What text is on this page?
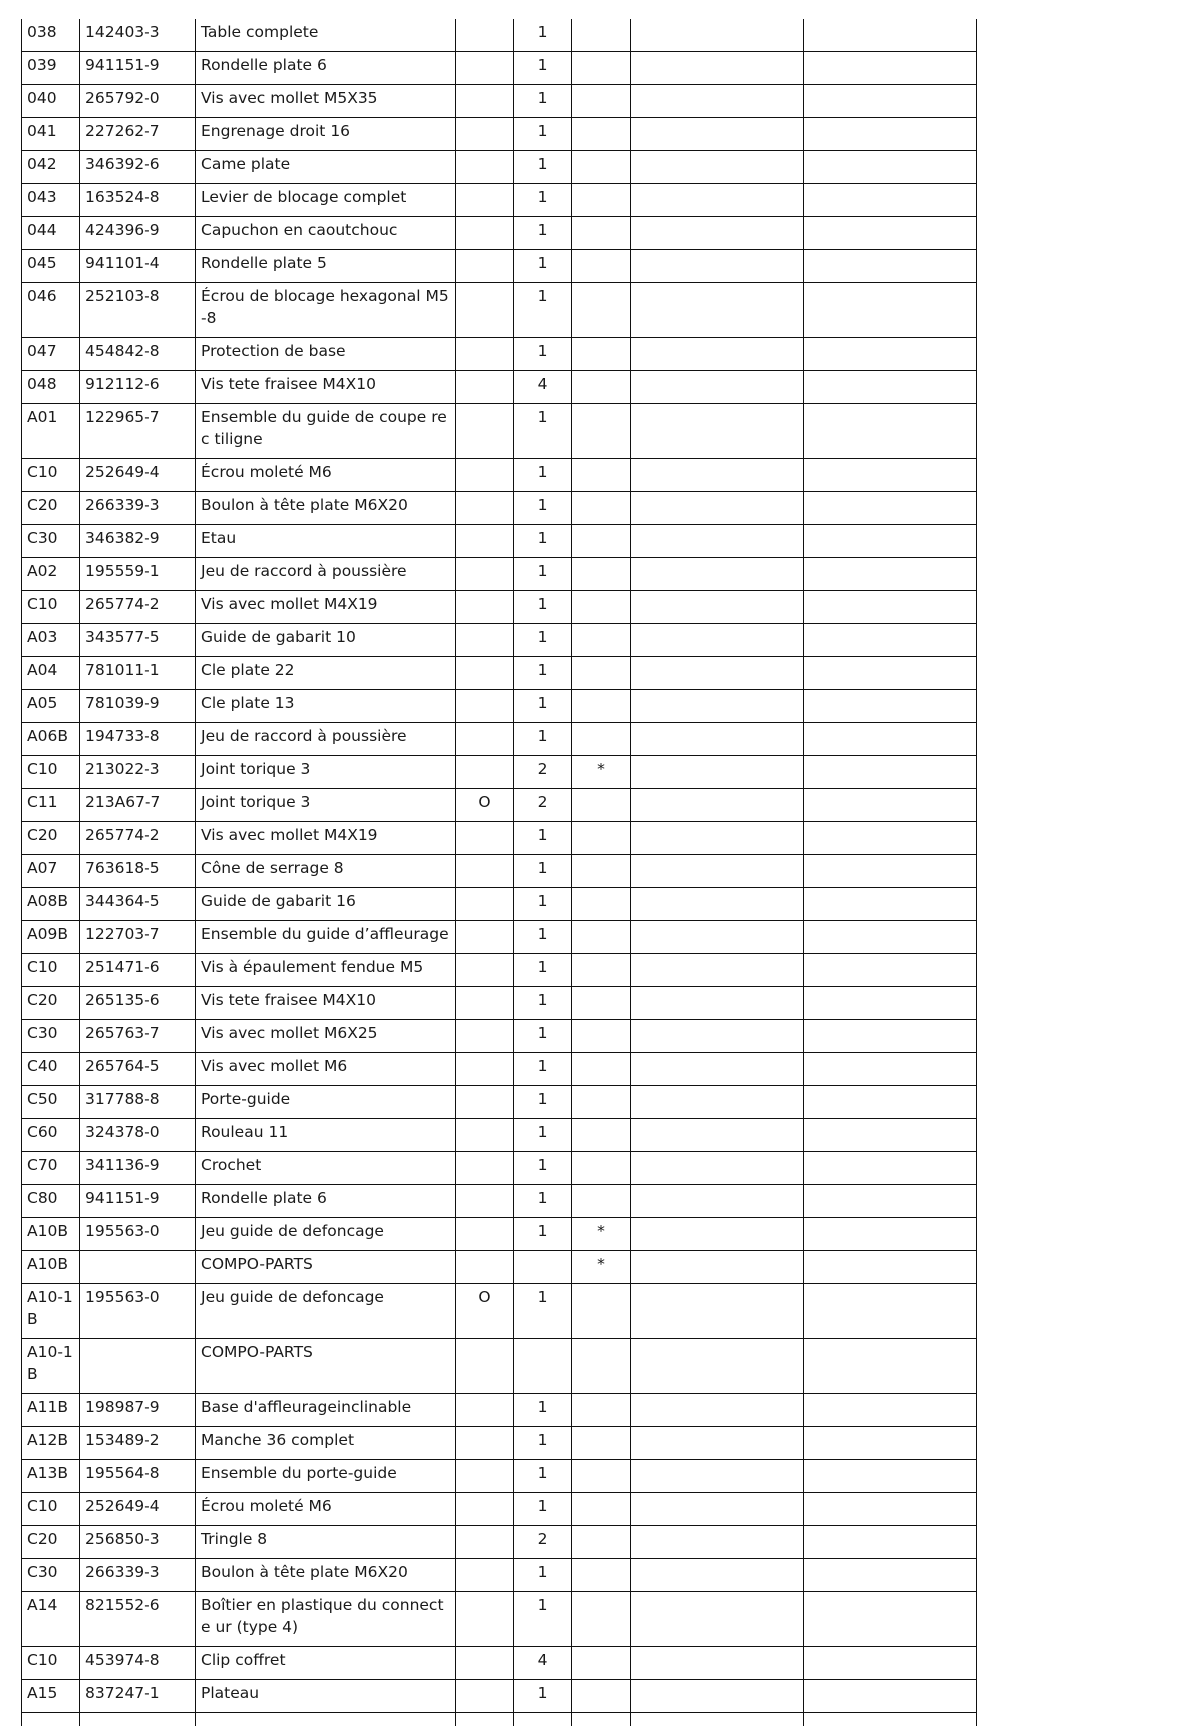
038	142403-3	Table complete		1			
039	941151-9	Rondelle plate 6		1			
040	265792-0	Vis avec mollet M5X35		1			
041	227262-7	Engrenage droit 16		1			
042	346392-6	Came plate		1			
043	163524-8	Levier de blocage complet		1			
044	424396-9	Capuchon en caoutchouc		1			
045	941101-4	Rondelle plate 5		1			
046	252103-8	Écrou de blocage hexagonal M5-8		1			
047	454842-8	Protection de base		1			
048	912112-6	Vis tete fraisee M4X10		4			
A01	122965-7	Ensemble du guide de coupe rec tiligne		1			
C10	252649-4	Écrou moleté M6		1			
C20	266339-3	Boulon à tête plate M6X20		1			
C30	346382-9	Etau		1			
A02	195559-1	Jeu de raccord à poussière		1			
C10	265774-2	Vis avec mollet M4X19		1			
A03	343577-5	Guide de gabarit 10		1			
A04	781011-1	Cle plate 22		1			
A05	781039-9	Cle plate 13		1			
A06B	194733-8	Jeu de raccord à poussière		1			
C10	213022-3	Joint torique 3		2	*		
C11	213A67-7	Joint torique 3	O	2			
C20	265774-2	Vis avec mollet M4X19		1			
A07	763618-5	Cône de serrage 8		1			
A08B	344364-5	Guide de gabarit 16		1			
A09B	122703-7	Ensemble du guide d’affleurage		1			
C10	251471-6	Vis à épaulement fendue M5		1			
C20	265135-6	Vis tete fraisee M4X10		1			
C30	265763-7	Vis avec mollet M6X25		1			
C40	265764-5	Vis avec mollet M6		1			
C50	317788-8	Porte-guide		1			
C60	324378-0	Rouleau 11		1			
C70	341136-9	Crochet		1			
C80	941151-9	Rondelle plate 6		1			
A10B	195563-0	Jeu guide de defoncage		1	*		
A10B		COMPO-PARTS			*		
A10-1B	195563-0	Jeu guide de defoncage	O	1			
A10-1B		COMPO-PARTS					
A11B	198987-9	Base d'affleurageinclinable		1			
A12B	153489-2	Manche 36 complet		1			
A13B	195564-8	Ensemble du porte-guide		1			
C10	252649-4	Écrou moleté M6		1			
C20	256850-3	Tringle 8		2			
C30	266339-3	Boulon à tête plate M6X20		1			
A14	821552-6	Boîtier en plastique du connecte ur (type 4)		1			
C10	453974-8	Clip coffret		4			
A15	837247-1	Plateau		1			
